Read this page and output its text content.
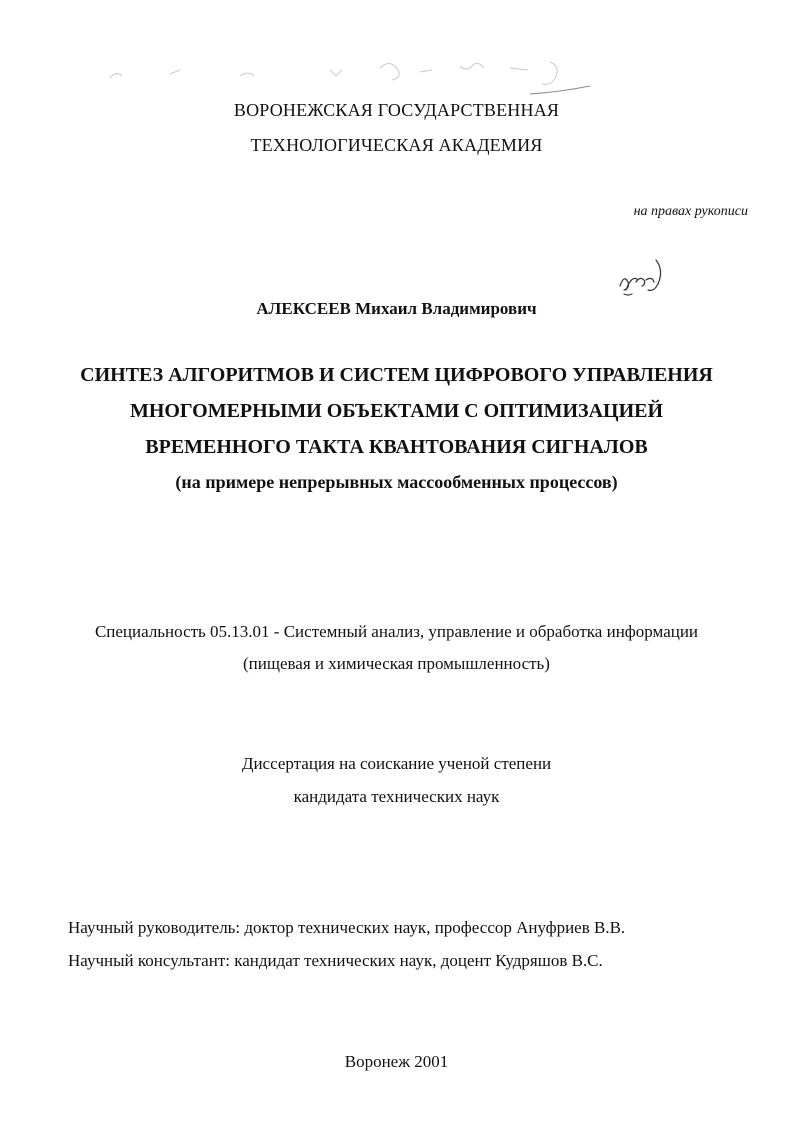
ВОРОНЕЖСКАЯ ГОСУДАРСТВЕННАЯ
ТЕХНОЛОГИЧЕСКАЯ АКАДЕМИЯ
на правах рукописи
АЛЕКСЕЕВ Михаил Владимирович
СИНТЕЗ АЛГОРИТМОВ И СИСТЕМ ЦИФРОВОГО УПРАВЛЕНИЯ
МНОГОМЕРНЫМИ ОБЪЕКТАМИ С ОПТИМИЗАЦИЕЙ
ВРЕМЕННОГО ТАКТА КВАНТОВАНИЯ СИГНАЛОВ
(на примере непрерывных массообменных процессов)
Специальность 05.13.01 - Системный анализ, управление и обработка информации
(пищевая и химическая промышленность)
Диссертация на соискание ученой степени
кандидата технических наук
Научный руководитель: доктор технических наук, профессор Ануфриев В.В.
Научный консультант: кандидат технических наук, доцент Кудряшов В.С.
Воронеж 2001
